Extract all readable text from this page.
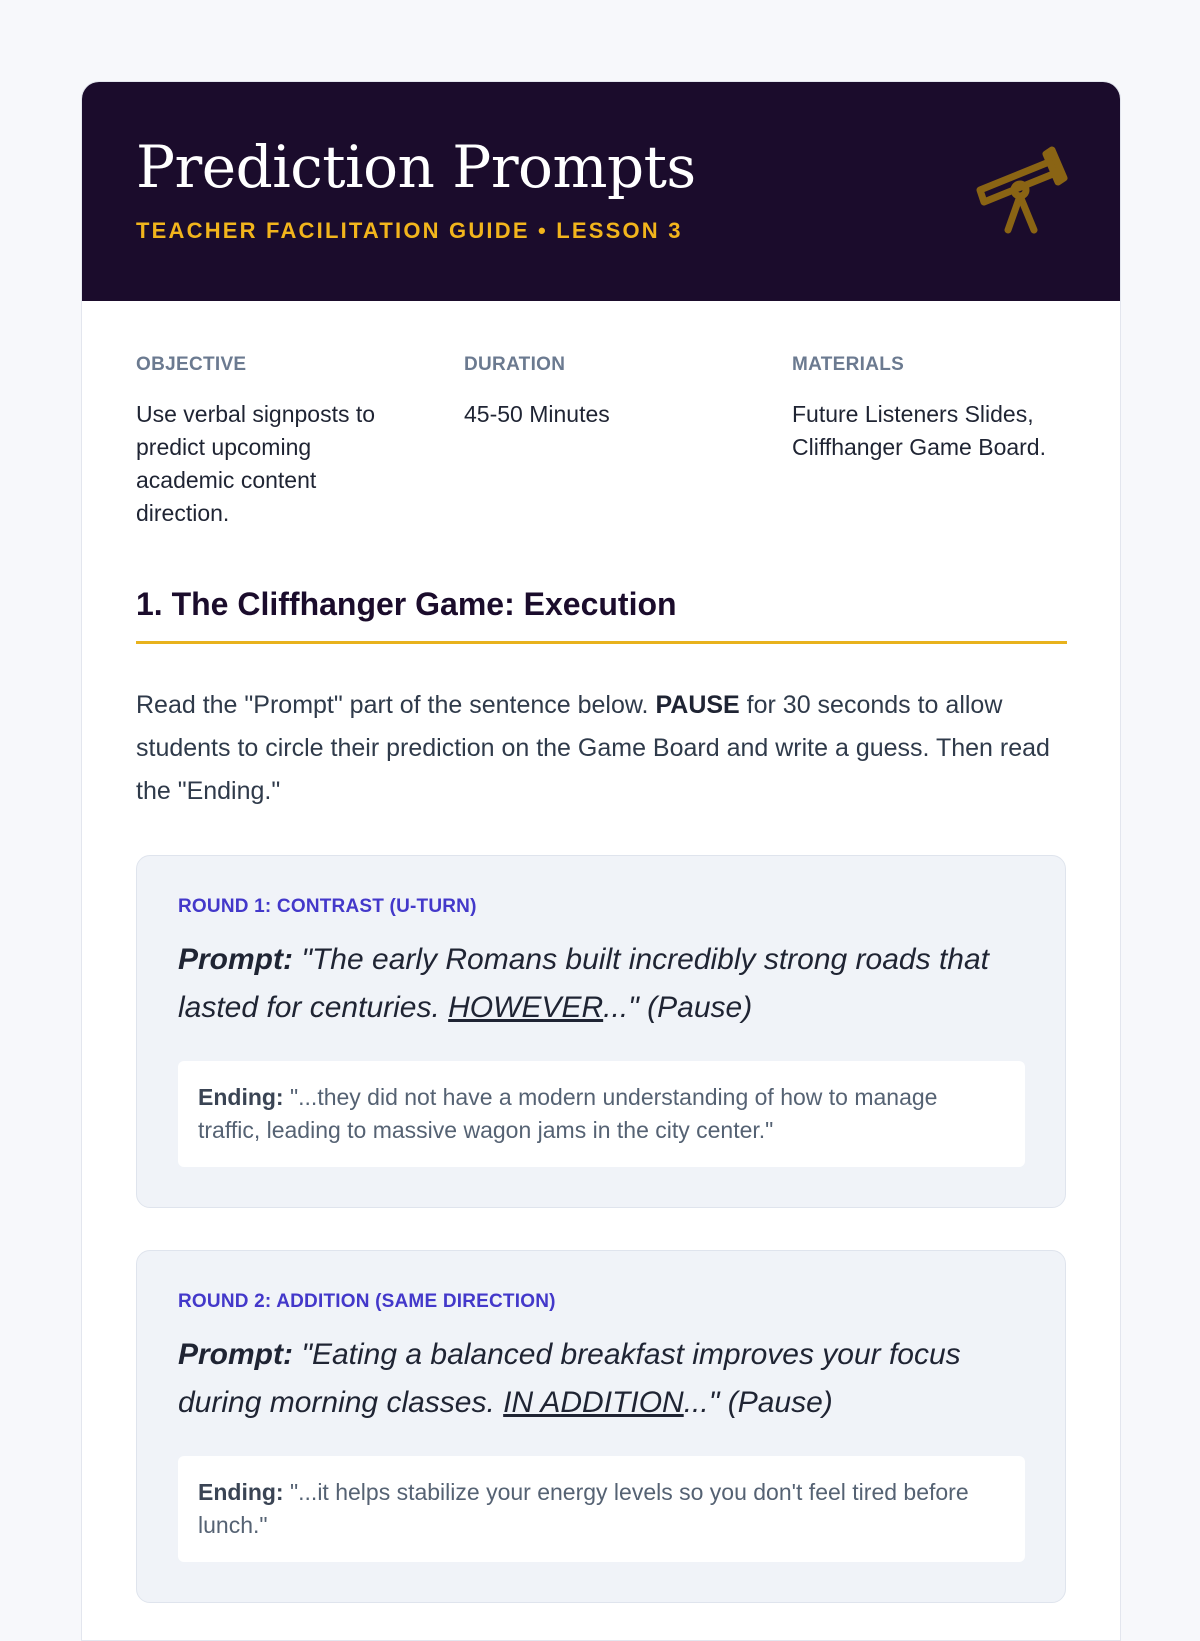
Prediction Prompts
TEACHER FACILITATION GUIDE • LESSON 3
OBJECTIVE
Use verbal signposts to predict upcoming academic content direction.
DURATION
45-50 Minutes
MATERIALS
Future Listeners Slides, Cliffhanger Game Board.
1. The Cliffhanger Game: Execution

Read the "Prompt" part of the sentence below. PAUSE for 30 seconds to allow students to circle their prediction on the Game Board and write a guess. Then read the "Ending."

ROUND 1: CONTRAST (U-TURN)

Prompt: "The early Romans built incredibly strong roads that lasted for centuries. HOWEVER..." (Pause)

Ending: "...they did not have a modern understanding of how to manage traffic, leading to massive wagon jams in the city center."
ROUND 2: ADDITION (SAME DIRECTION)

Prompt: "Eating a balanced breakfast improves your focus during morning classes. IN ADDITION..." (Pause)

Ending: "...it helps stabilize your energy levels so you don't feel tired before lunch."
